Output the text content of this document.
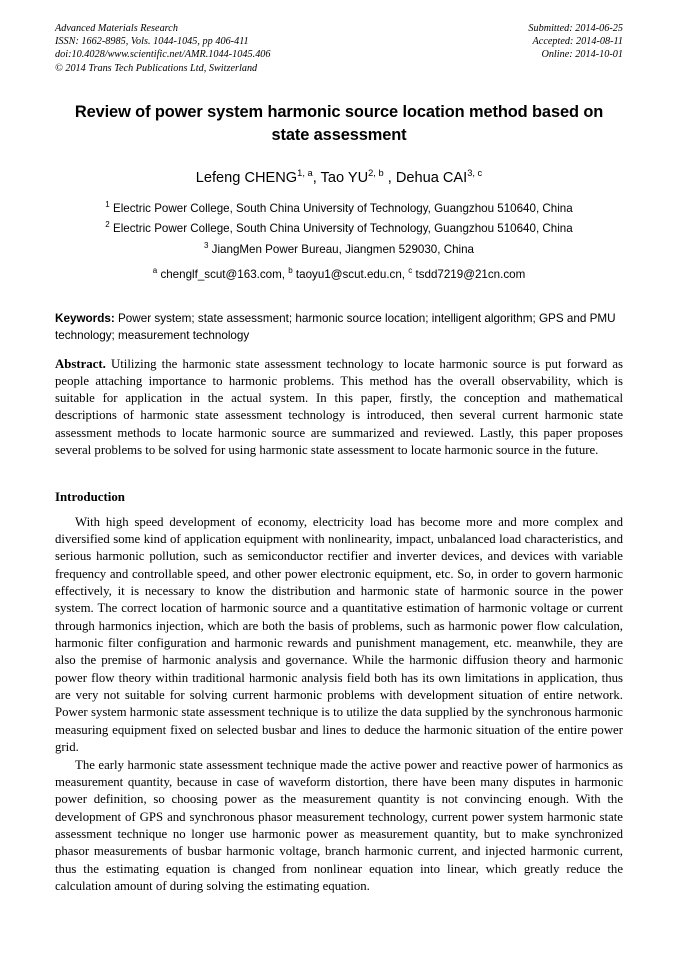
Advanced Materials Research
ISSN: 1662-8985, Vols. 1044-1045, pp 406-411
doi:10.4028/www.scientific.net/AMR.1044-1045.406
© 2014 Trans Tech Publications Ltd, Switzerland
Submitted: 2014-06-25
Accepted: 2014-08-11
Online: 2014-10-01
Review of power system harmonic source location method based on state assessment
Lefeng CHENG$^{1, a}$, Tao YU$^{2, b}$ , Dehua CAI$^{3, c}$
$^1$ Electric Power College, South China University of Technology, Guangzhou 510640, China
$^2$ Electric Power College, South China University of Technology, Guangzhou 510640, China
$^3$ JiangMen Power Bureau, Jiangmen 529030, China
$^a$ chenglf_scut@163.com, $^b$ taoyu1@scut.edu.cn, $^c$ tsdd7219@21cn.com
Keywords: Power system; state assessment; harmonic source location; intelligent algorithm; GPS and PMU technology; measurement technology
Abstract. Utilizing the harmonic state assessment technology to locate harmonic source is put forward as people attaching importance to harmonic problems. This method has the overall observability, which is suitable for application in the actual system. In this paper, firstly, the conception and mathematical descriptions of harmonic state assessment technology is introduced, then several current harmonic state assessment methods to locate harmonic source are summarized and reviewed. Lastly, this paper proposes several problems to be solved for using harmonic state assessment to locate harmonic source in the future.
Introduction

With high speed development of economy, electricity load has become more and more complex and diversified some kind of application equipment with nonlinearity, impact, unbalanced load characteristics, and serious harmonic pollution, such as semiconductor rectifier and inverter devices, and devices with variable frequency and controllable speed, and other power electronic equipment, etc. So, in order to govern harmonic effectively, it is necessary to know the distribution and harmonic state of harmonic source in the power system. The correct location of harmonic source and a quantitative estimation of harmonic voltage or current through harmonics injection, which are both the basis of problems, such as harmonic power flow calculation, harmonic filter configuration and harmonic rewards and punishment management, etc. meanwhile, they are also the premise of harmonic analysis and governance. While the harmonic diffusion theory and harmonic power flow theory within traditional harmonic analysis field both has its own limitations in application, thus are very not suitable for solving current harmonic problems with development situation of entire network. Power system harmonic state assessment technique is to utilize the data supplied by the synchronous harmonic measuring equipment fixed on selected busbar and lines to deduce the harmonic situation of the entire power grid.

The early harmonic state assessment technique made the active power and reactive power of harmonics as measurement quantity, because in case of waveform distortion, there have been many disputes in harmonic power definition, so choosing power as the measurement quantity is not convincing enough. With the development of GPS and synchronous phasor measurement technology, current power system harmonic state assessment technique no longer use harmonic power as measurement quantity, but to make synchronized phasor measurements of busbar harmonic voltage, branch harmonic current, and injected harmonic current, thus the estimating equation is changed from nonlinear equation into linear, which greatly reduce the calculation amount of during solving the estimating equation.
